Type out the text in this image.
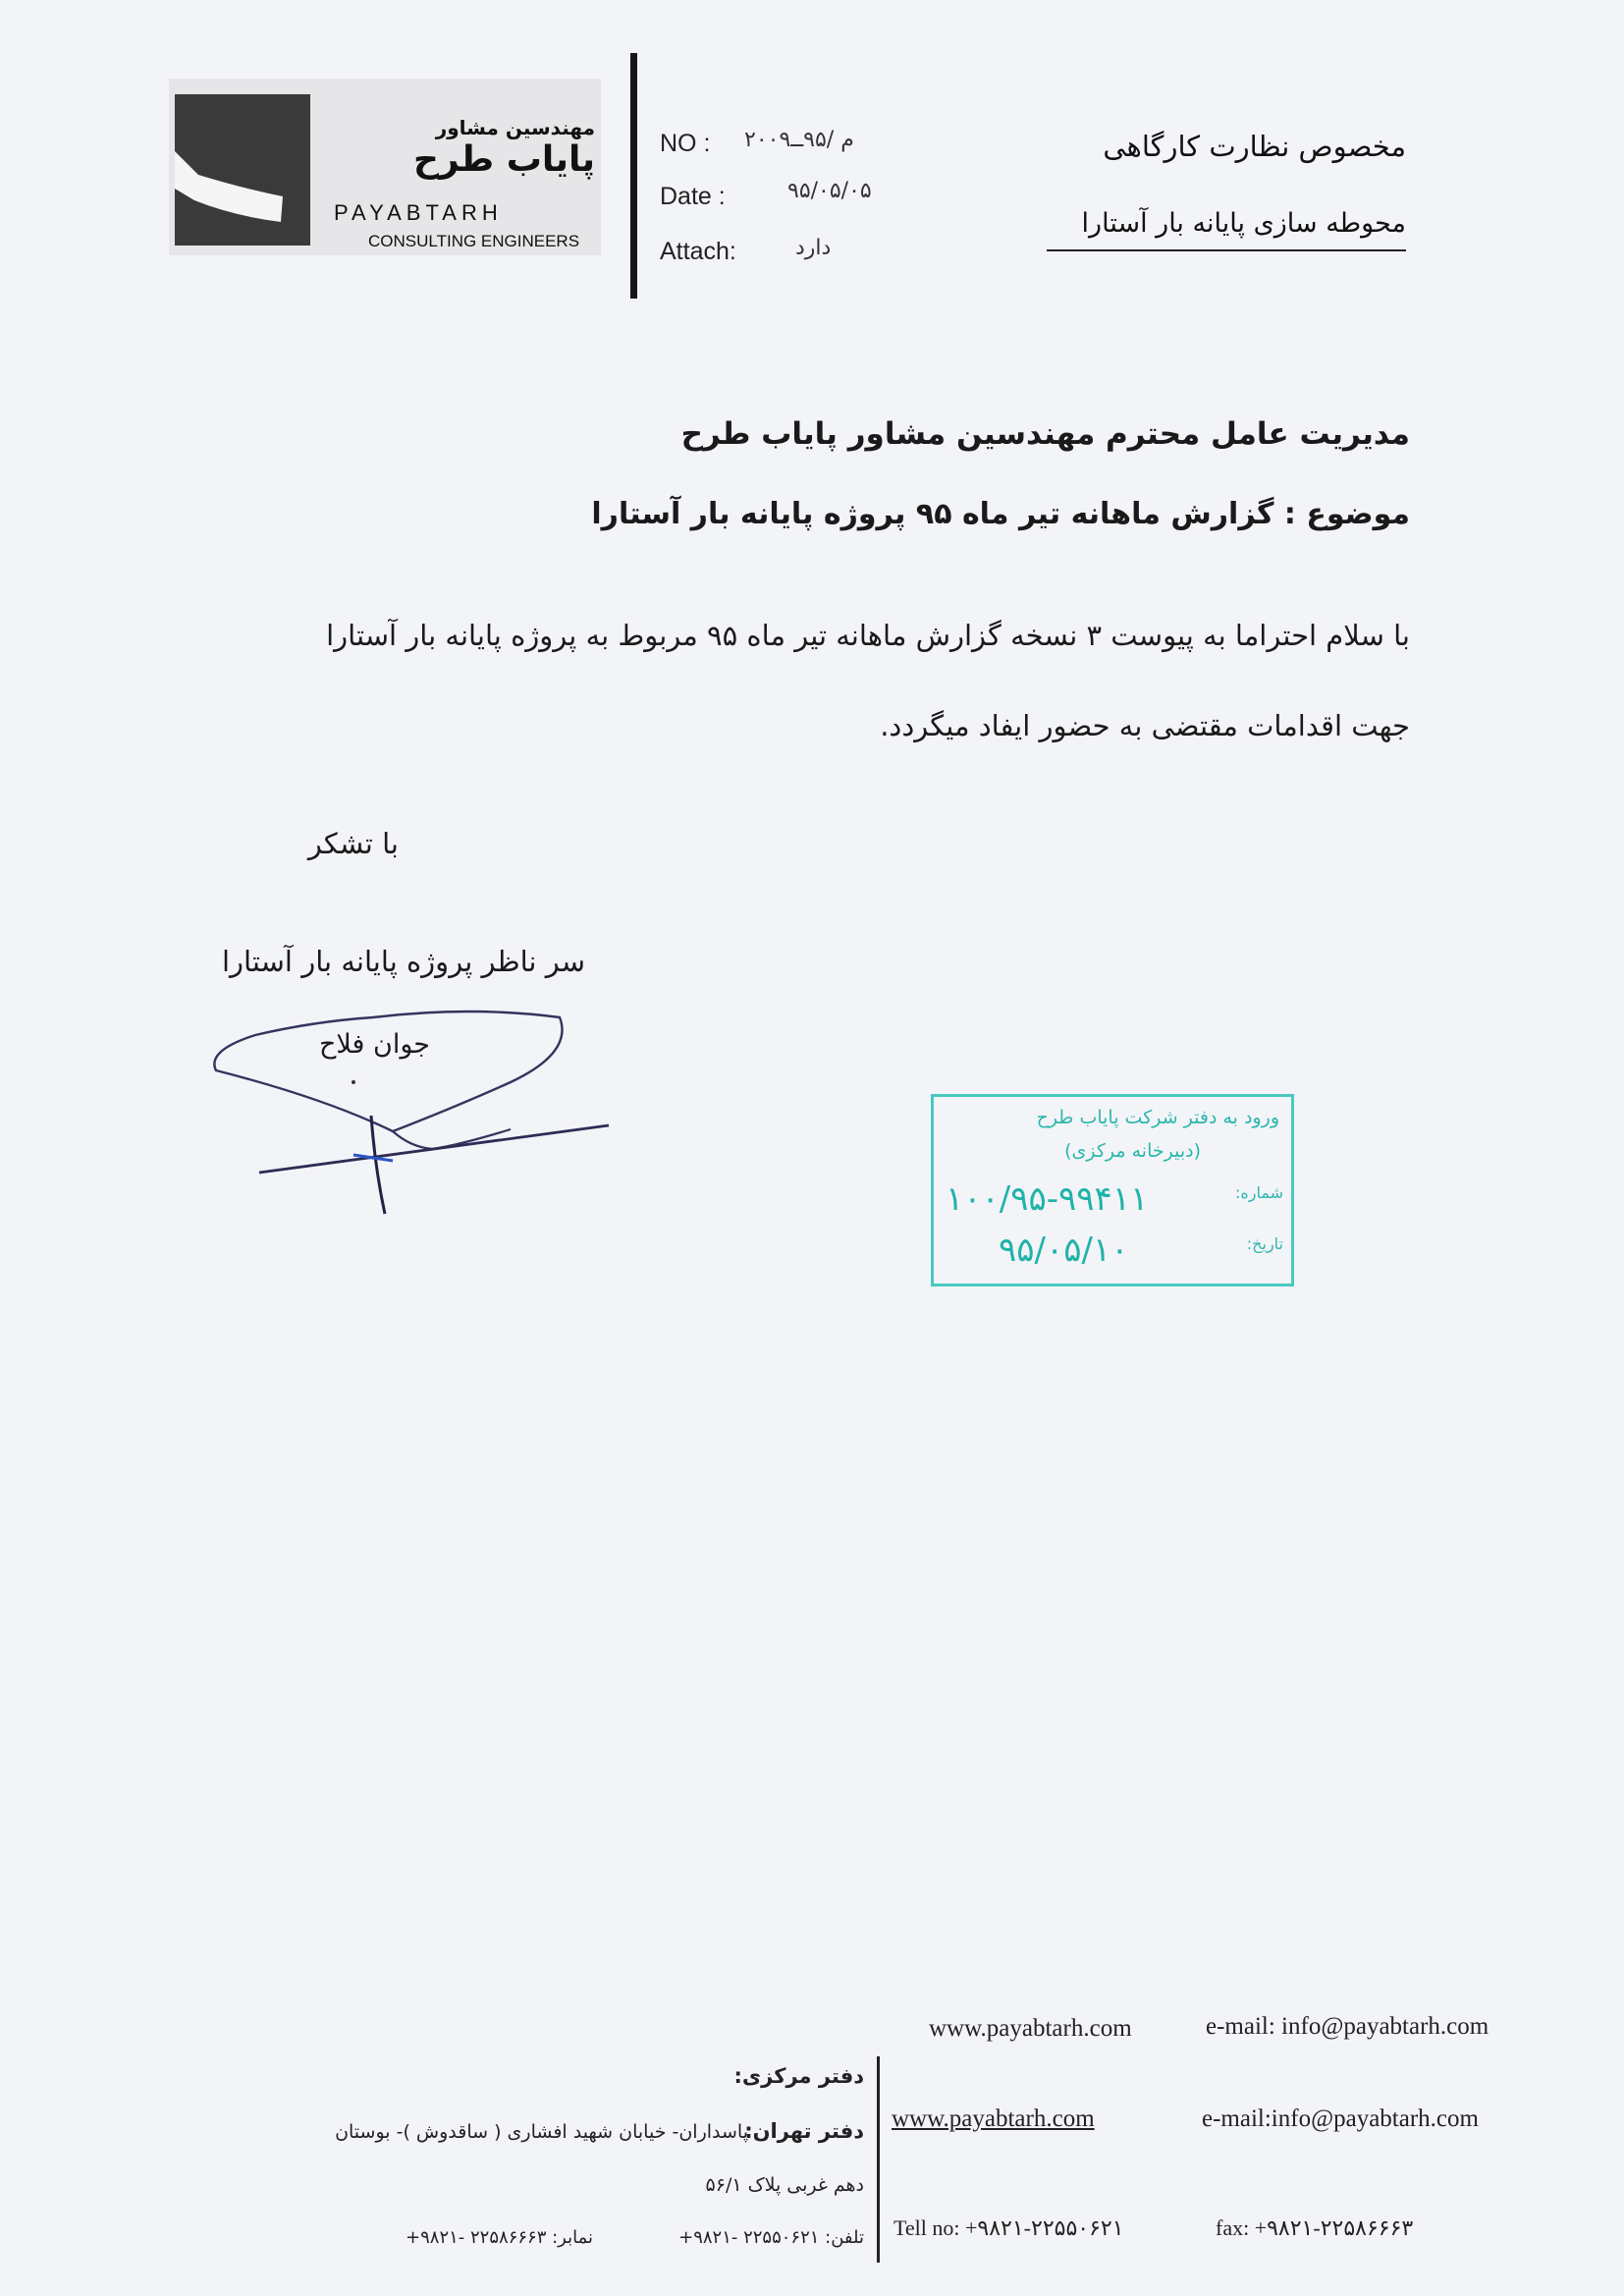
مهندسین مشاور
پایاب طرح
PAYABTARH
CONSULTING ENGINEERS
NO : م /۹۵ــ۲۰۰۹
Date :	۹۵/۰۵/۰۵
Attach:	دارد
مخصوص نظارت کارگاهی
محوطه سازی پایانه بار آستارا
مدیریت عامل محترم مهندسین مشاور پایاب طرح
موضوع : گزارش ماهانه تیر ماه ۹۵ پروژه پایانه بار آستارا
با سلام احتراما به پیوست ۳ نسخه گزارش ماهانه تیر ماه ۹۵ مربوط به پروژه پایانه بار آستارا
جهت اقدامات مقتضی به حضور ایفاد میگردد.
با تشکر
سر ناظر پروژه پایانه بار آستارا
جوان فلاح
ورود به دفتر شرکت پایاب طرح
(دبیرخانه مرکزی)
شماره:
۱۰۰/۹۵-۹۹۴۱۱
تاریخ:
۹۵/۰۵/۱۰
www.payabtarh.com	e-mail: info@payabtarh.com
دفتر مرکزی:
دفتر تهران:
پاسداران- خیابان شهید افشاری ( ساقدوش )- بوستان
دهم غربی پلاک ۵۶/۱
تلفن: ۲۲۵۵۰۶۲۱ -۹۸۲۱+
نمابر: ۲۲۵۸۶۶۶۳ -۹۸۲۱+
www.payabtarh.com	e-mail:info@payabtarh.com
Tell no: +۹۸۲۱-۲۲۵۵۰۶۲۱	fax: +۹۸۲۱-۲۲۵۸۶۶۶۳
